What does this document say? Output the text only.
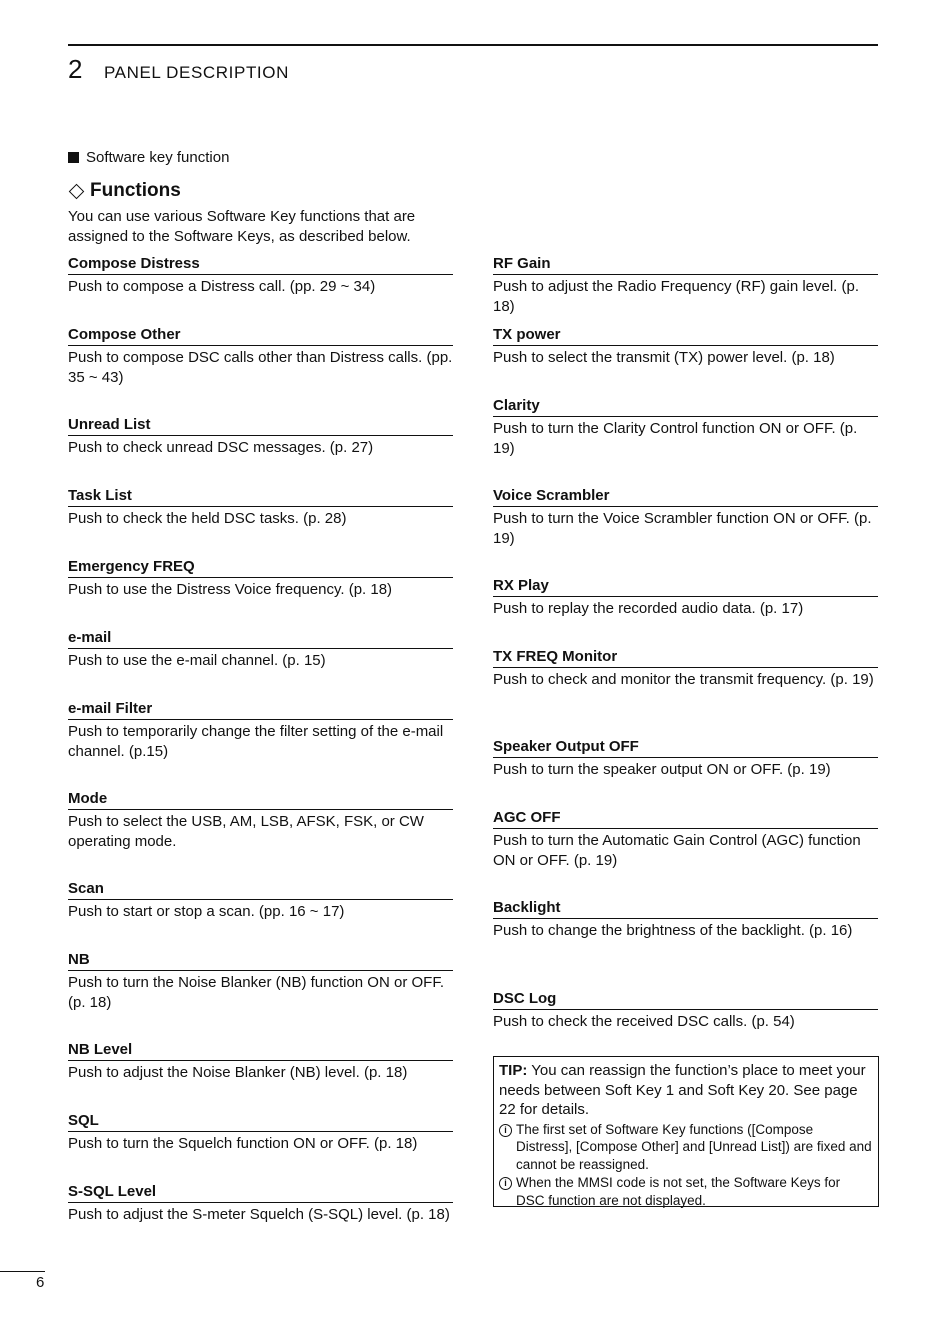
2 PANEL DESCRIPTION
Software key function
Functions
You can use various Software Key functions that are assigned to the Software Keys, as described below.
Compose Distress

Push to compose a Distress call. (pp. 29 ~ 34)

Compose Other

Push to compose DSC calls other than Distress calls. (pp. 35 ~ 43)

Unread List

Push to check unread DSC messages. (p. 27)

Task List

Push to check the held DSC tasks. (p. 28)

Emergency FREQ

Push to use the Distress Voice frequency. (p. 18)

e-mail

Push to use the e-mail channel. (p. 15)

e-mail Filter

Push to temporarily change the filter setting of the e-mail channel. (p.15)

Mode

Push to select the USB, AM, LSB, AFSK, FSK, or CW operating mode.

Scan

Push to start or stop a scan. (pp. 16 ~ 17)

NB

Push to turn the Noise Blanker (NB) function ON or OFF. (p. 18)

NB Level

Push to adjust the Noise Blanker (NB) level. (p. 18)

SQL

Push to turn the Squelch function ON or OFF. (p. 18)

S-SQL Level

Push to adjust the S-meter Squelch (S-SQL) level. (p. 18)

RF Gain

Push to adjust the Radio Frequency (RF) gain level. (p. 18)

TX power

Push to select the transmit (TX) power level. (p. 18)

Clarity

Push to turn the Clarity Control function ON or OFF. (p. 19)

Voice Scrambler

Push to turn the Voice Scrambler function ON or OFF. (p. 19)

RX Play

Push to replay the recorded audio data. (p. 17)

TX FREQ Monitor

Push to check and monitor the transmit frequency. (p. 19)

Speaker Output OFF

Push to turn the speaker output ON or OFF. (p. 19)

AGC OFF

Push to turn the Automatic Gain Control (AGC) function ON or OFF. (p. 19)

Backlight

Push to change the brightness of the backlight. (p. 16)

DSC Log

Push to check the received DSC calls. (p. 54)

TIP: You can reassign the function’s place to meet your needs between Soft Key 1 and Soft Key 20. See page 22 for details.
i The first set of Software Key functions ([Compose Distress], [Compose Other] and [Unread List]) are fixed and cannot be reassigned.
i When the MMSI code is not set, the Software Keys for DSC function are not displayed.
6
